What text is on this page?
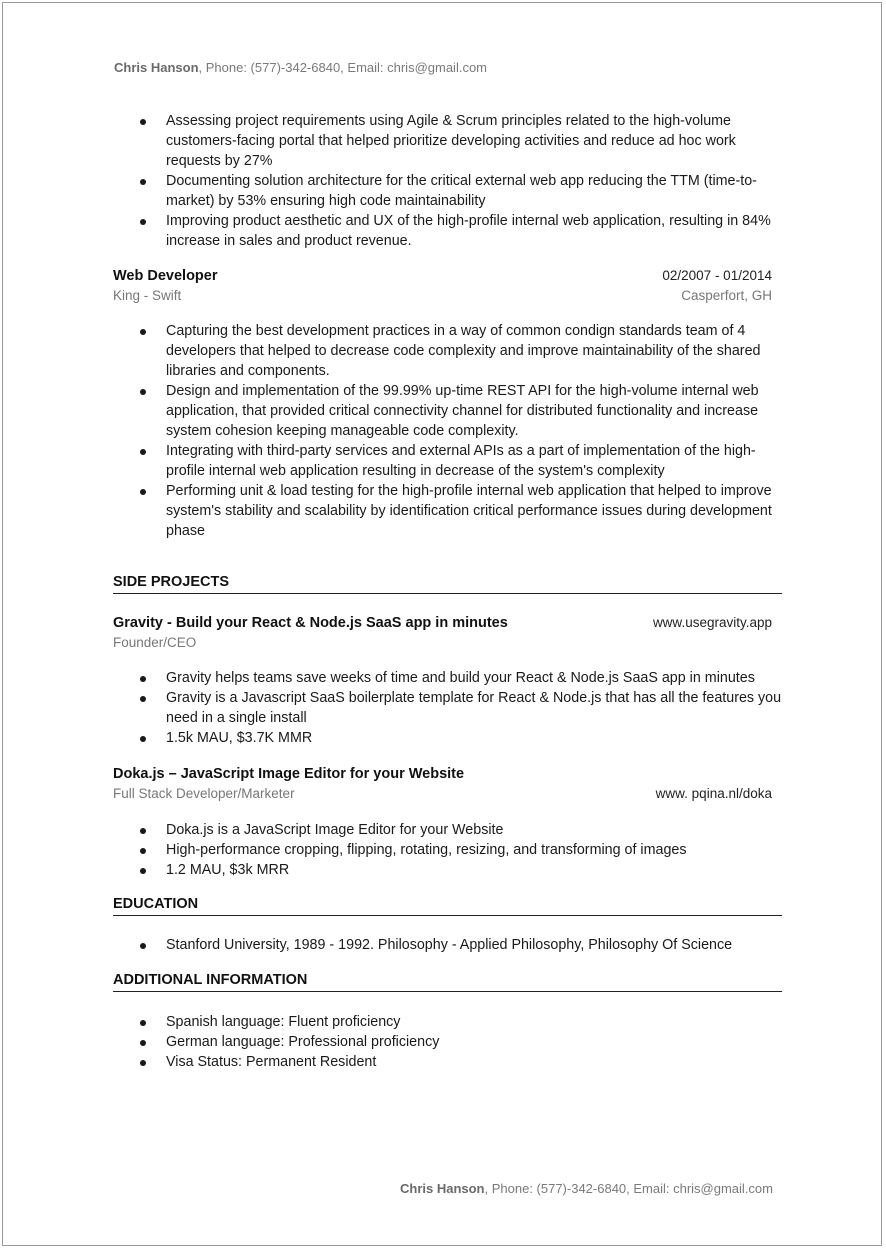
Chris Hanson, Phone: (577)-342-6840, Email: chris@gmail.com
Assessing project requirements using Agile & Scrum principles related to the high-volume customers-facing portal that helped prioritize developing activities and reduce ad hoc work requests by 27%
Documenting solution architecture for the critical external web app reducing the TTM (time-to-market) by 53% ensuring high code maintainability
Improving product aesthetic and UX of the high-profile internal web application, resulting in 84% increase in sales and product revenue.
Web Developer	02/2007 - 01/2014
King - Swift	Casperfort, GH
Capturing the best development practices in a way of common condign standards team of 4 developers that helped to decrease code complexity and improve maintainability of the shared libraries and components.
Design and implementation of the 99.99% up-time REST API for the high-volume internal web application, that provided critical connectivity channel for distributed functionality and increase system cohesion keeping manageable code complexity.
Integrating with third-party services and external APIs as a part of implementation of the high-profile internal web application resulting in decrease of the system's complexity
Performing unit & load testing for the high-profile internal web application that helped to improve system's stability and scalability by identification critical performance issues during development phase
SIDE PROJECTS
Gravity - Build your React & Node.js SaaS app in minutes	www.usegravity.app
Founder/CEO
Gravity helps teams save weeks of time and build your React & Node.js SaaS app in minutes
Gravity is a Javascript SaaS boilerplate template for React & Node.js that has all the features you need in a single install
1.5k MAU, $3.7K MMR
Doka.js – JavaScript Image Editor for your Website
Full Stack Developer/Marketer	www. pqina.nl/doka
Doka.js is a JavaScript Image Editor for your Website
High-performance cropping, flipping, rotating, resizing, and transforming of images
1.2 MAU, $3k MRR
EDUCATION
Stanford University, 1989 - 1992. Philosophy - Applied Philosophy, Philosophy Of Science
ADDITIONAL INFORMATION
Spanish language: Fluent proficiency
German language: Professional proficiency
Visa Status: Permanent Resident
Chris Hanson, Phone: (577)-342-6840, Email: chris@gmail.com
